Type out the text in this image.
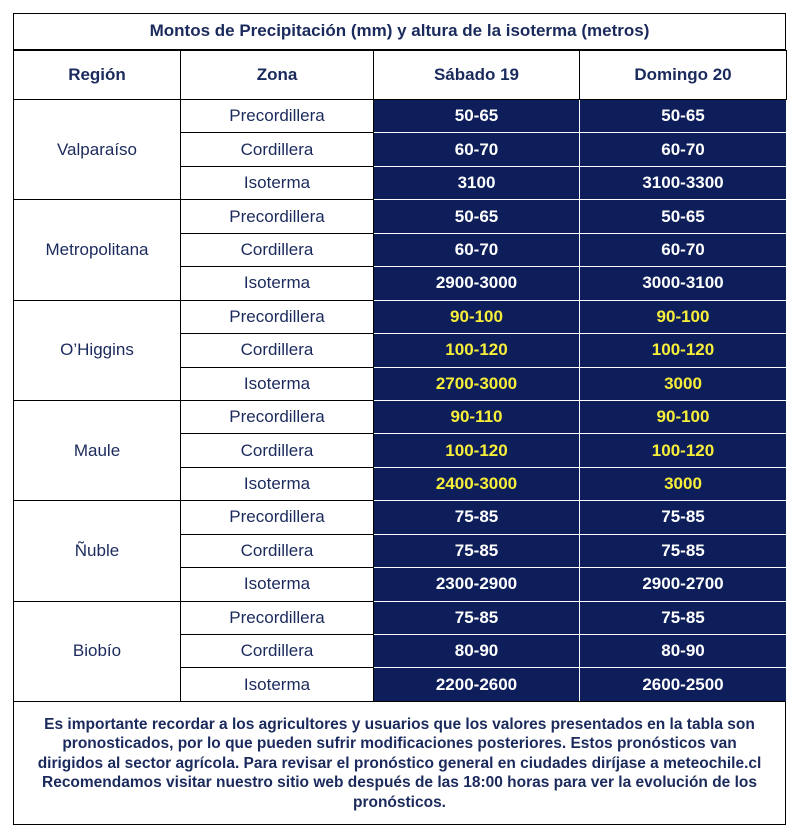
Montos de Precipitación (mm) y altura de la isoterma (metros)
Región	Zona	Sábado 19	Domingo 20
Valparaíso	Precordillera	50-65	50-65
	Cordillera	60-70	60-70
	Isoterma	3100	3100-3300
Metropolitana	Precordillera	50-65	50-65
	Cordillera	60-70	60-70
	Isoterma	2900-3000	3000-3100
O’Higgins	Precordillera	90-100	90-100
	Cordillera	100-120	100-120
	Isoterma	2700-3000	3000
Maule	Precordillera	90-110	90-100
	Cordillera	100-120	100-120
	Isoterma	2400-3000	3000
Ñuble	Precordillera	75-85	75-85
	Cordillera	75-85	75-85
	Isoterma	2300-2900	2900-2700
Biobío	Precordillera	75-85	75-85
	Cordillera	80-90	80-90
	Isoterma	2200-2600	2600-2500
Es importante recordar a los agricultores y usuarios que los valores presentados en la tabla son pronosticados, por lo que pueden sufrir modificaciones posteriores. Estos pronósticos van dirigidos al sector agrícola. Para revisar el pronóstico general en ciudades diríjase a meteochile.cl Recomendamos visitar nuestro sitio web después de las 18:00 horas para ver la evolución de los pronósticos.
